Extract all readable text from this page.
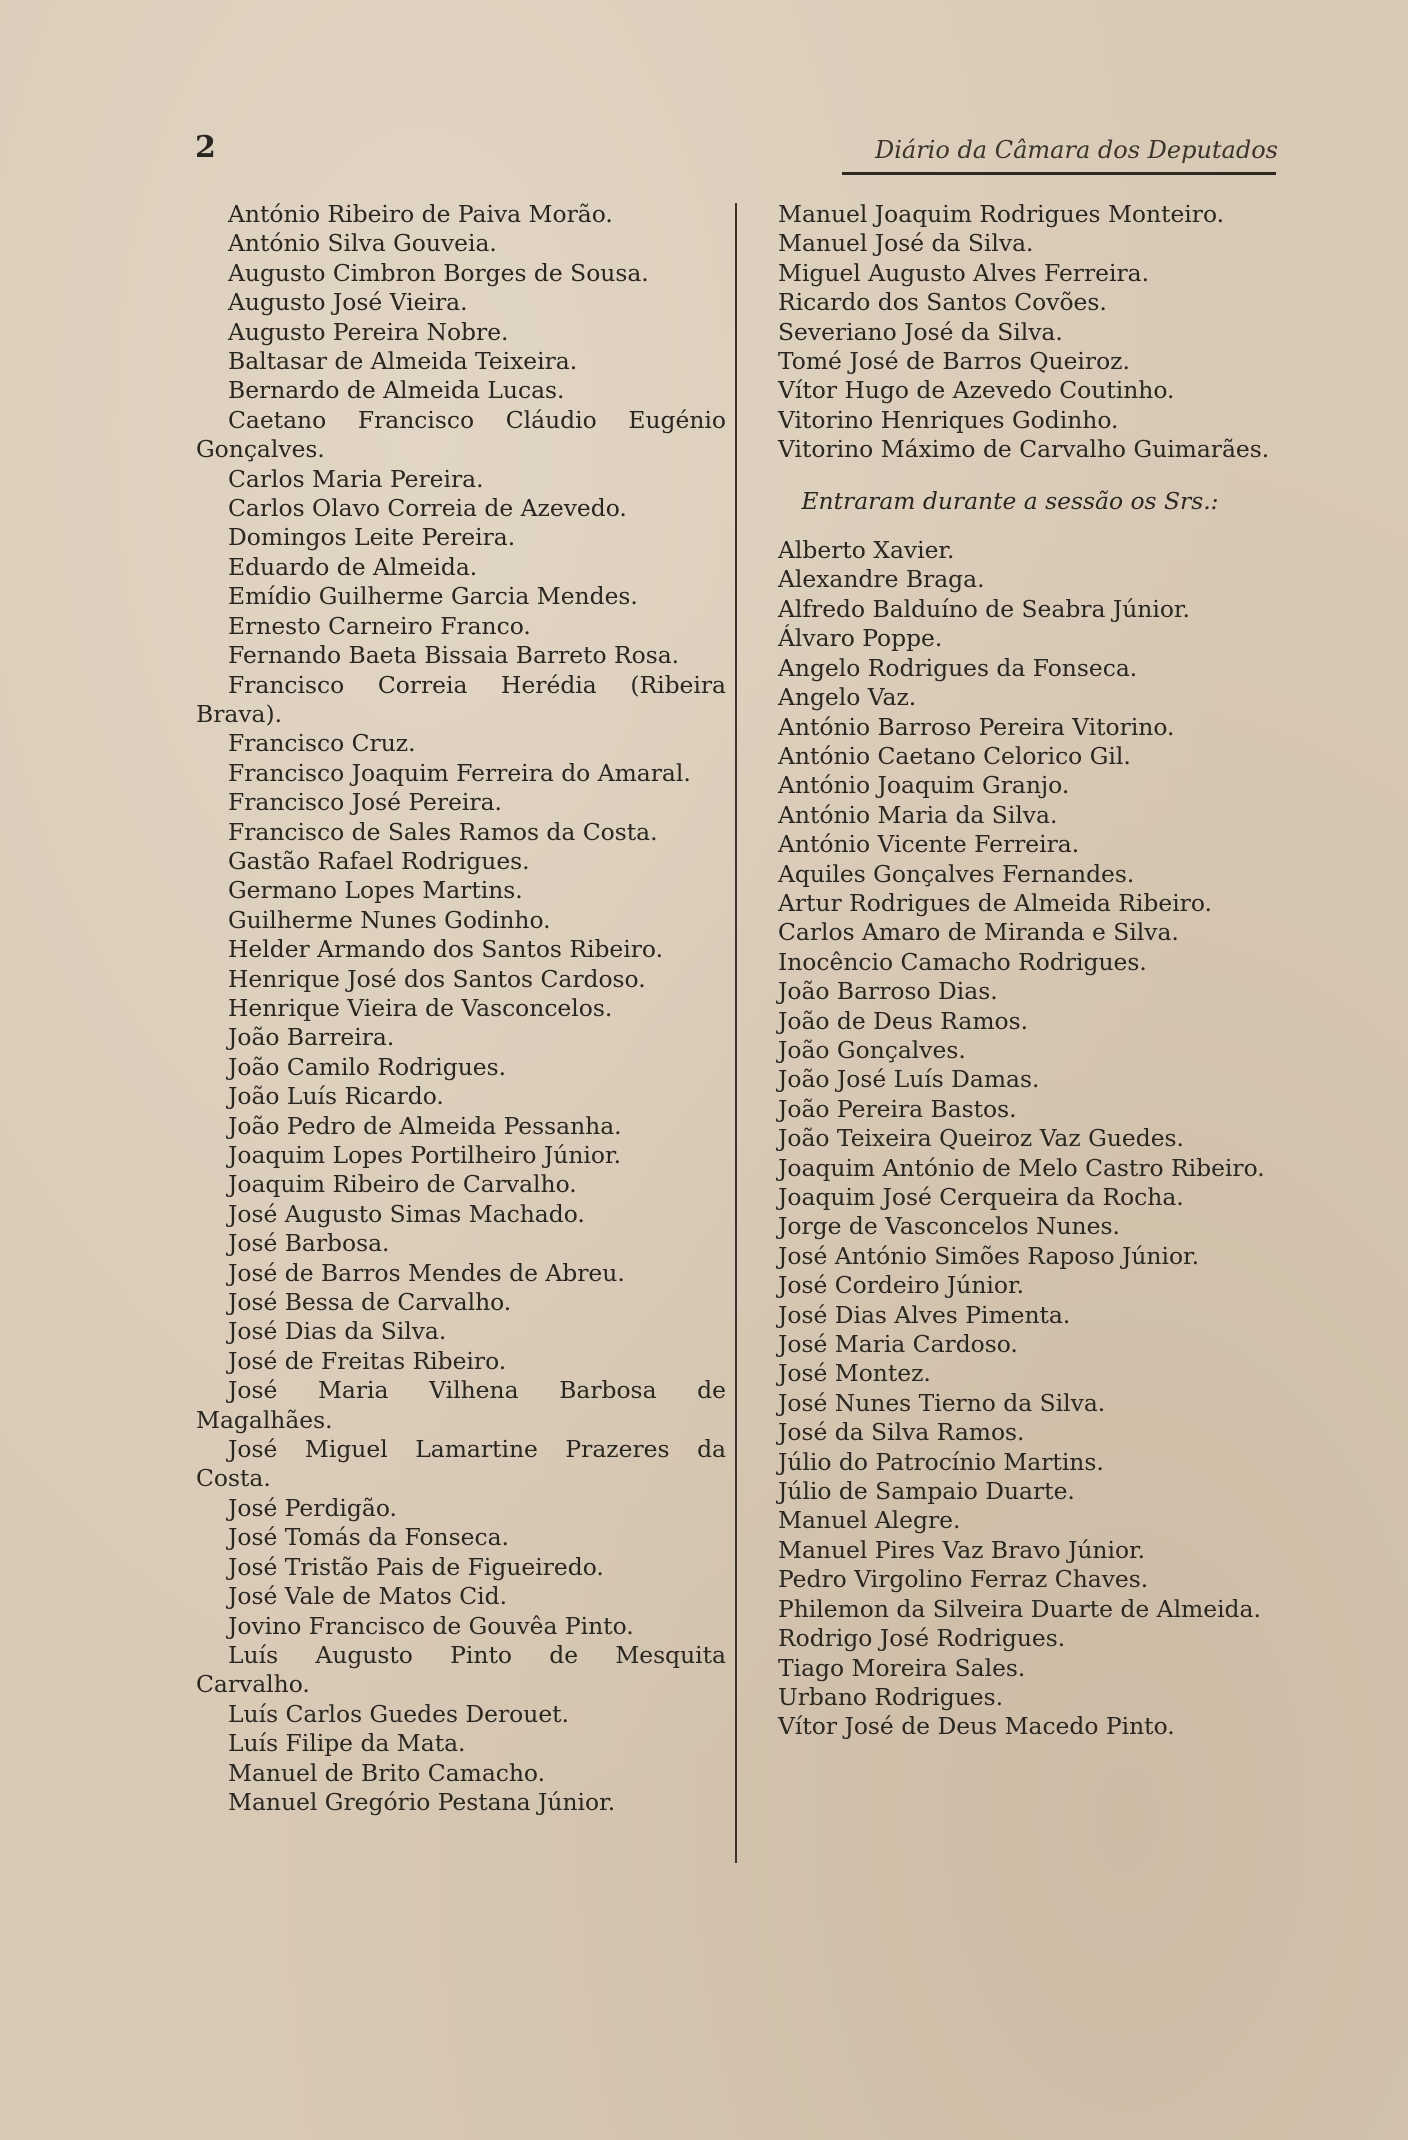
2	Diário da Câmara dos Deputados
António Ribeiro de Paiva Morão.
António Silva Gouveia.
Augusto Cimbron Borges de Sousa.
Augusto José Vieira.
Augusto Pereira Nobre.
Baltasar de Almeida Teixeira.
Bernardo de Almeida Lucas.
Caetano Francisco Cláudio Eugénio Gonçalves.
Carlos Maria Pereira.
Carlos Olavo Correia de Azevedo.
Domingos Leite Pereira.
Eduardo de Almeida.
Emídio Guilherme Garcia Mendes.
Ernesto Carneiro Franco.
Fernando Baeta Bissaia Barreto Rosa.
Francisco Correia Herédia (Ribeira Brava).
Francisco Cruz.
Francisco Joaquim Ferreira do Amaral.
Francisco José Pereira.
Francisco de Sales Ramos da Costa.
Gastão Rafael Rodrigues.
Germano Lopes Martins.
Guilherme Nunes Godinho.
Helder Armando dos Santos Ribeiro.
Henrique José dos Santos Cardoso.
Henrique Vieira de Vasconcelos.
João Barreira.
João Camilo Rodrigues.
João Luís Ricardo.
João Pedro de Almeida Pessanha.
Joaquim Lopes Portilheiro Júnior.
Joaquim Ribeiro de Carvalho.
José Augusto Simas Machado.
José Barbosa.
José de Barros Mendes de Abreu.
José Bessa de Carvalho.
José Dias da Silva.
José de Freitas Ribeiro.
José Maria Vilhena Barbosa de Magalhães.
José Miguel Lamartine Prazeres da Costa.
José Perdigão.
José Tomás da Fonseca.
José Tristão Pais de Figueiredo.
José Vale de Matos Cid.
Jovino Francisco de Gouvêa Pinto.
Luís Augusto Pinto de Mesquita Carvalho.
Luís Carlos Guedes Derouet.
Luís Filipe da Mata.
Manuel de Brito Camacho.
Manuel Gregório Pestana Júnior.
Manuel Joaquim Rodrigues Monteiro.
Manuel José da Silva.
Miguel Augusto Alves Ferreira.
Ricardo dos Santos Covões.
Severiano José da Silva.
Tomé José de Barros Queiroz.
Vítor Hugo de Azevedo Coutinho.
Vitorino Henriques Godinho.
Vitorino Máximo de Carvalho Guimarães.
Entraram durante a sessão os Srs.:
Alberto Xavier.
Alexandre Braga.
Alfredo Balduíno de Seabra Júnior.
Álvaro Poppe.
Angelo Rodrigues da Fonseca.
Angelo Vaz.
António Barroso Pereira Vitorino.
António Caetano Celorico Gil.
António Joaquim Granjo.
António Maria da Silva.
António Vicente Ferreira.
Aquiles Gonçalves Fernandes.
Artur Rodrigues de Almeida Ribeiro.
Carlos Amaro de Miranda e Silva.
Inocêncio Camacho Rodrigues.
João Barroso Dias.
João de Deus Ramos.
João Gonçalves.
João José Luís Damas.
João Pereira Bastos.
João Teixeira Queiroz Vaz Guedes.
Joaquim António de Melo Castro Ribeiro.
Joaquim José Cerqueira da Rocha.
Jorge de Vasconcelos Nunes.
José António Simões Raposo Júnior.
José Cordeiro Júnior.
José Dias Alves Pimenta.
José Maria Cardoso.
José Montez.
José Nunes Tierno da Silva.
José da Silva Ramos.
Júlio do Patrocínio Martins.
Júlio de Sampaio Duarte.
Manuel Alegre.
Manuel Pires Vaz Bravo Júnior.
Pedro Virgolino Ferraz Chaves.
Philemon da Silveira Duarte de Almeida.
Rodrigo José Rodrigues.
Tiago Moreira Sales.
Urbano Rodrigues.
Vítor José de Deus Macedo Pinto.
